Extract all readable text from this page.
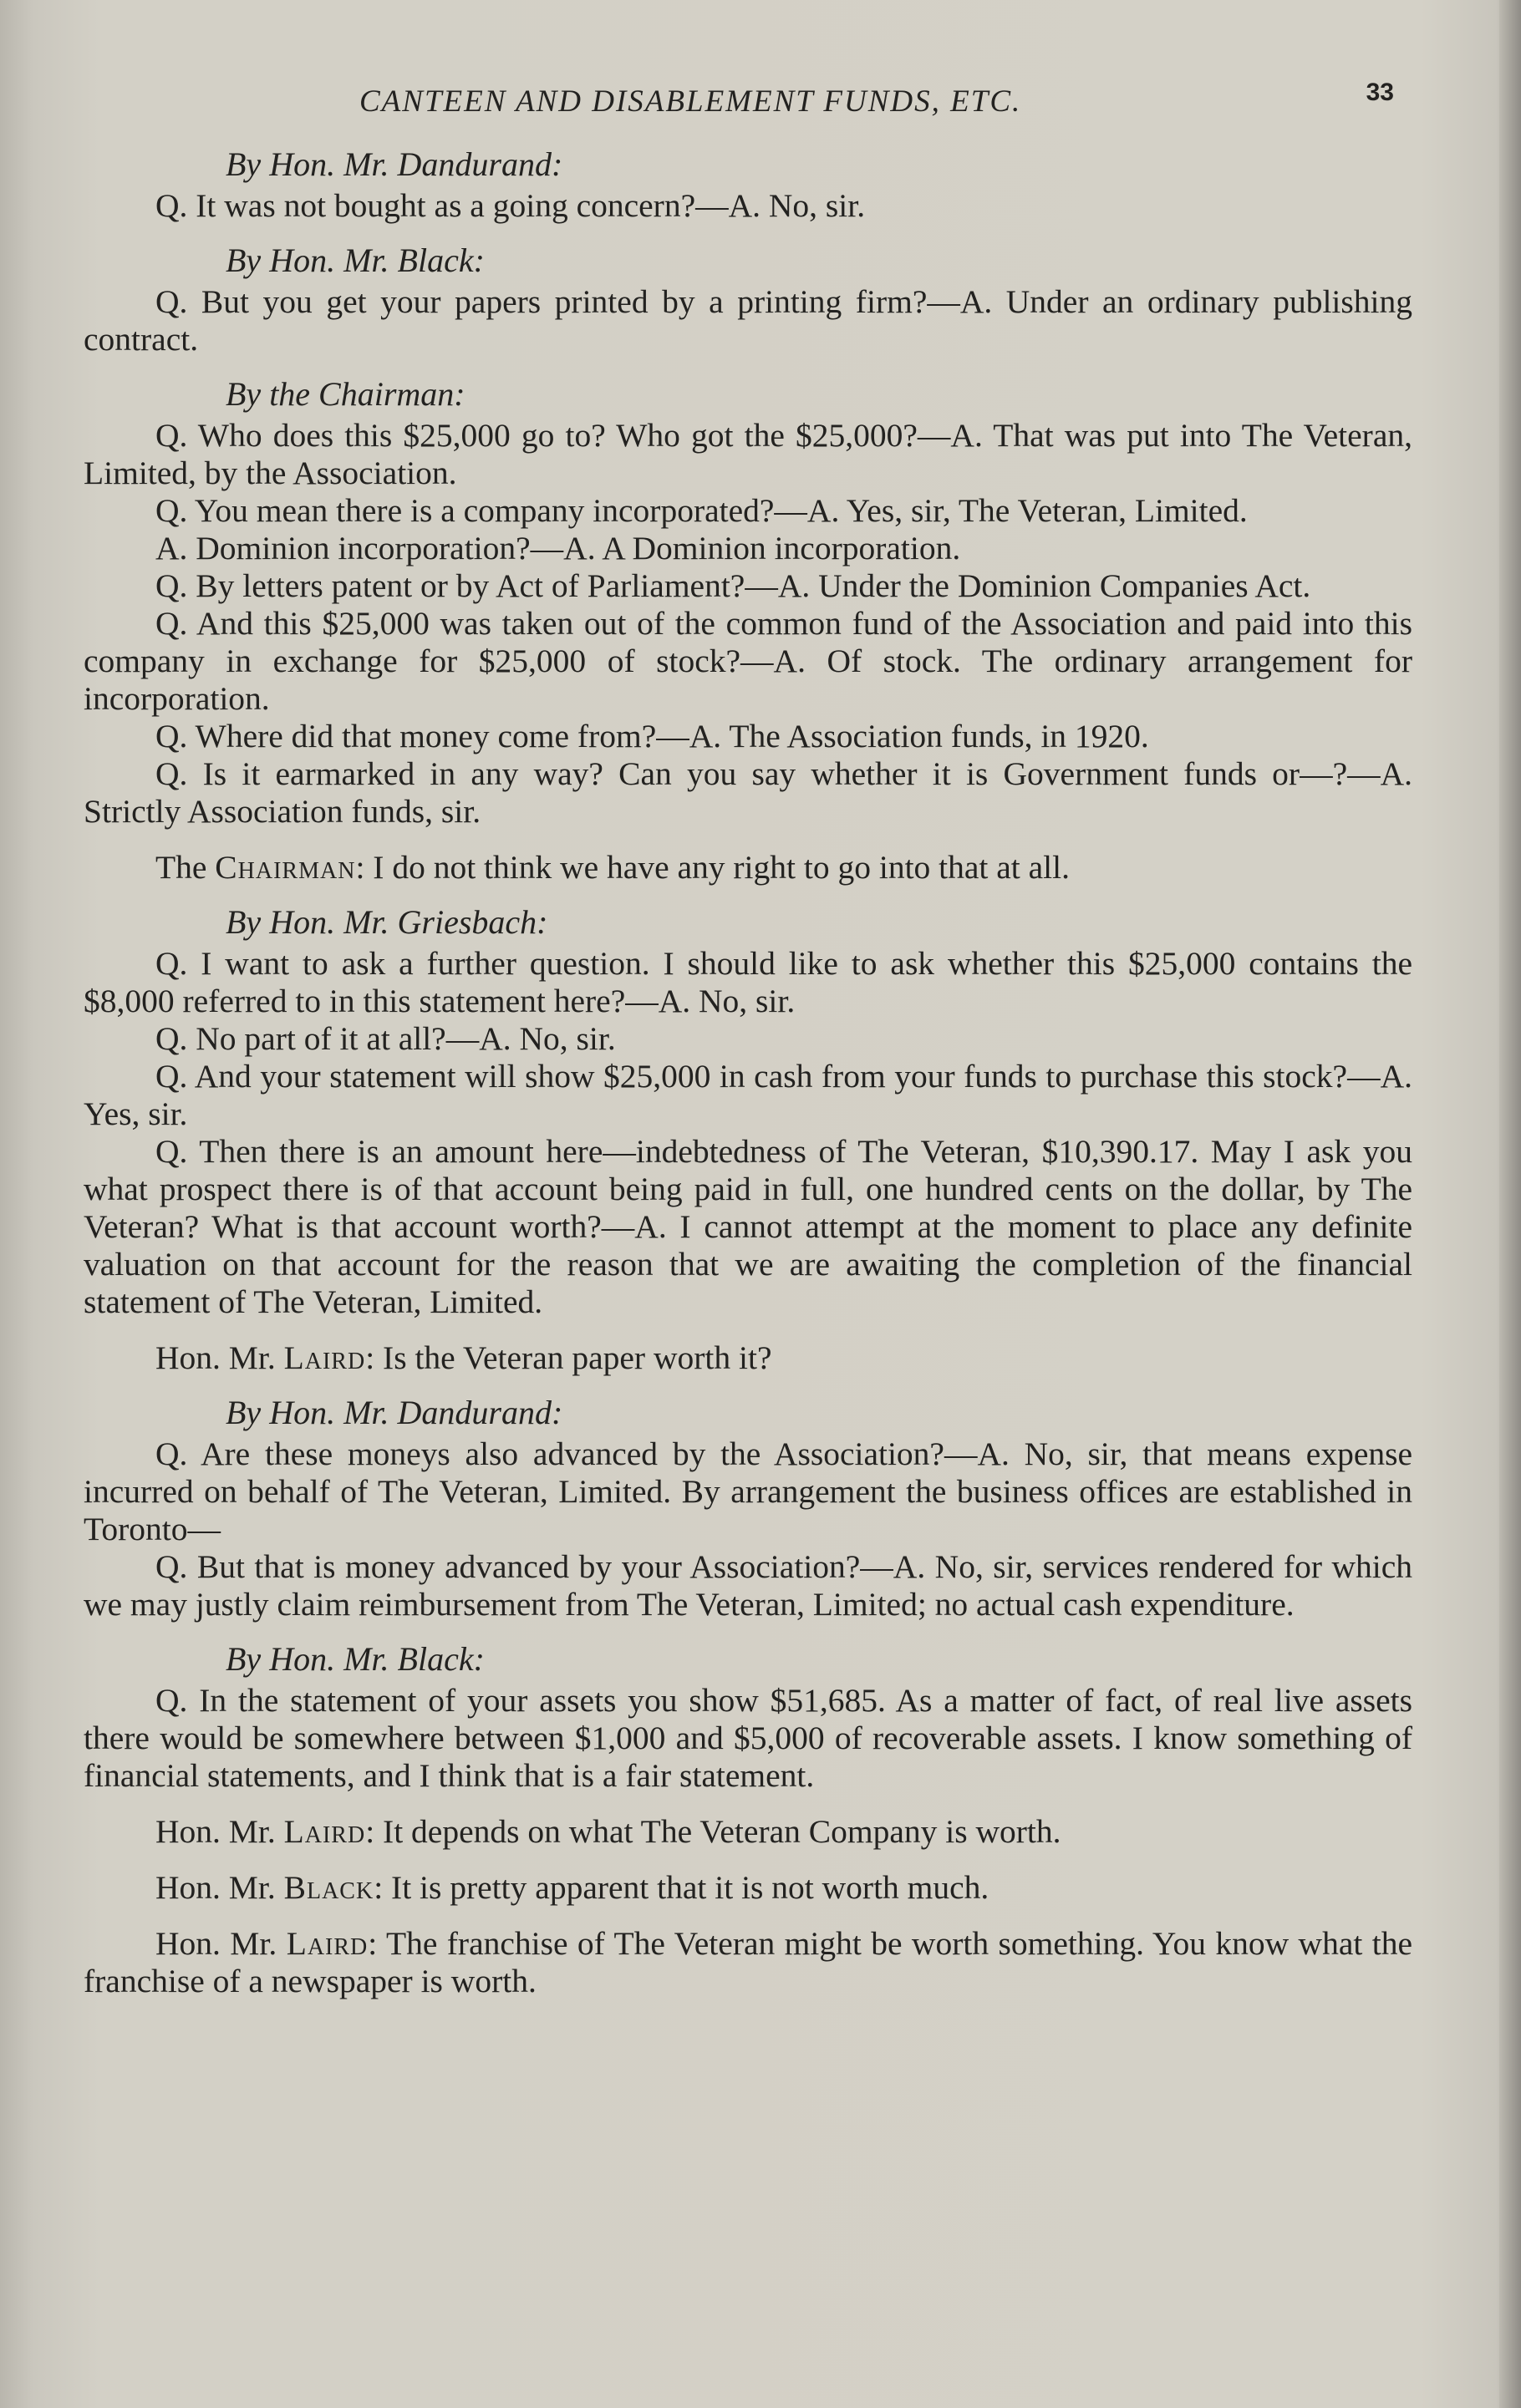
CANTEEN AND DISABLEMENT FUNDS, ETC.	33

By Hon. Mr. Dandurand:

Q. It was not bought as a going concern?—A. No, sir.

By Hon. Mr. Black:

Q. But you get your papers printed by a printing firm?—A. Under an ordinary publishing contract.

By the Chairman:

Q. Who does this $25,000 go to? Who got the $25,000?—A. That was put into The Veteran, Limited, by the Association.

Q. You mean there is a company incorporated?—A. Yes, sir, The Veteran, Limited.

A. Dominion incorporation?—A. A Dominion incorporation.

Q. By letters patent or by Act of Parliament?—A. Under the Dominion Companies Act.

Q. And this $25,000 was taken out of the common fund of the Association and paid into this company in exchange for $25,000 of stock?—A. Of stock. The ordinary arrangement for incorporation.

Q. Where did that money come from?—A. The Association funds, in 1920.

Q. Is it earmarked in any way? Can you say whether it is Government funds or—?—A. Strictly Association funds, sir.

The Chairman: I do not think we have any right to go into that at all.

By Hon. Mr. Griesbach:

Q. I want to ask a further question. I should like to ask whether this $25,000 contains the $8,000 referred to in this statement here?—A. No, sir.

Q. No part of it at all?—A. No, sir.

Q. And your statement will show $25,000 in cash from your funds to purchase this stock?—A. Yes, sir.

Q. Then there is an amount here—indebtedness of The Veteran, $10,390.17. May I ask you what prospect there is of that account being paid in full, one hundred cents on the dollar, by The Veteran? What is that account worth?—A. I cannot attempt at the moment to place any definite valuation on that account for the reason that we are awaiting the completion of the financial statement of The Veteran, Limited.

Hon. Mr. Laird: Is the Veteran paper worth it?

By Hon. Mr. Dandurand:

Q. Are these moneys also advanced by the Association?—A. No, sir, that means expense incurred on behalf of The Veteran, Limited. By arrangement the business offices are established in Toronto—

Q. But that is money advanced by your Association?—A. No, sir, services rendered for which we may justly claim reimbursement from The Veteran, Limited; no actual cash expenditure.

By Hon. Mr. Black:

Q. In the statement of your assets you show $51,685. As a matter of fact, of real live assets there would be somewhere between $1,000 and $5,000 of recoverable assets. I know something of financial statements, and I think that is a fair statement.

Hon. Mr. Laird: It depends on what The Veteran Company is worth.

Hon. Mr. Black: It is pretty apparent that it is not worth much.

Hon. Mr. Laird: The franchise of The Veteran might be worth something. You know what the franchise of a newspaper is worth.
